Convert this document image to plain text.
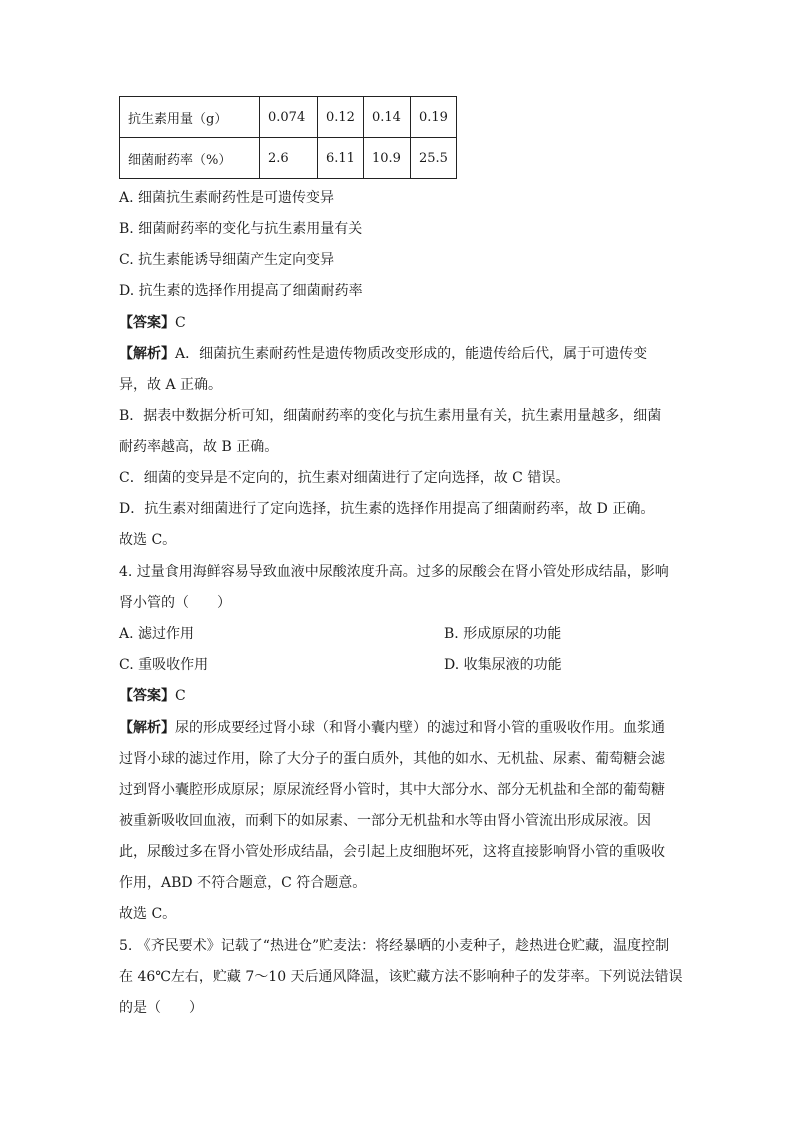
抗生素用量（g）	0.074	0.12	0.14	0.19
细菌耐药率（%）	2.6	6.11	10.9	25.5
A. 细菌抗生素耐药性是可遗传变异
B. 细菌耐药率的变化与抗生素用量有关
C. 抗生素能诱导细菌产生定向变异
D. 抗生素的选择作用提高了细菌耐药率
【答案】C
【解析】A．细菌抗生素耐药性是遗传物质改变形成的，能遗传给后代，属于可遗传变
异，故 A 正确。
B．据表中数据分析可知，细菌耐药率的变化与抗生素用量有关，抗生素用量越多，细菌
耐药率越高，故 B 正确。
C．细菌的变异是不定向的，抗生素对细菌进行了定向选择，故 C 错误。
D．抗生素对细菌进行了定向选择，抗生素的选择作用提高了细菌耐药率，故 D 正确。
故选 C。
4. 过量食用海鲜容易导致血液中尿酸浓度升高。过多的尿酸会在肾小管处形成结晶，影响
肾小管的（　　）
A. 滤过作用	B. 形成原尿的功能
C. 重吸收作用	D. 收集尿液的功能
【答案】C
【解析】尿的形成要经过肾小球（和肾小囊内壁）的滤过和肾小管的重吸收作用。血浆通
过肾小球的滤过作用，除了大分子的蛋白质外，其他的如水、无机盐、尿素、葡萄糖会滤
过到肾小囊腔形成原尿；原尿流经肾小管时，其中大部分水、部分无机盐和全部的葡萄糖
被重新吸收回血液，而剩下的如尿素、一部分无机盐和水等由肾小管流出形成尿液。因
此，尿酸过多在肾小管处形成结晶，会引起上皮细胞坏死，这将直接影响肾小管的重吸收
作用，ABD 不符合题意，C 符合题意。
故选 C。
5. 《齐民要术》记载了“热进仓”贮麦法：将经暴晒的小麦种子，趁热进仓贮藏，温度控制
在 46℃左右，贮藏 7～10 天后通风降温，该贮藏方法不影响种子的发芽率。下列说法错误
的是（　　）
